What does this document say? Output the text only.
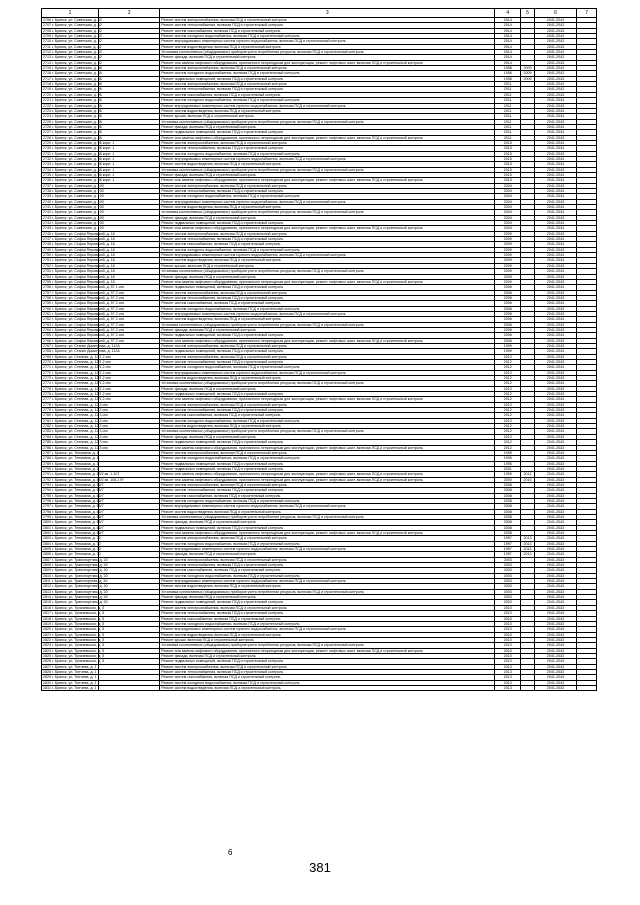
1	2	3	4	5	6	7
2706 г. Брянск, ул. Советская, д. 82		Ремонт систем электроснабжения, включая ПСД и строительный контроль	2014		2041-2043	
2707 г. Брянск, ул. Советская, д. 82		Ремонт систем теплоснабжения, включая ПСД и строительный контроль	2014		2041-2043	
2708 г. Брянск, ул. Советская, д. 82		Ремонт систем газоснабжения, включая ПСД и строительный контроль	2014		2041-2043	
2709 г. Брянск, ул. Советская, д. 82		Ремонт систем холодного водоснабжения, включая ПСД и строительный контроль	2014		2041-2043	
2710 г. Брянск, ул. Советская, д. 82		Ремонт внутридомовых инженерных систем горячего водоснабжения, включая ПСД и строительный контроль	2014		2041-2043	
2711 г. Брянск, ул. Советская, д. 82		Ремонт систем водоотведения, включая ПСД и строительный контроль	2014		2041-2043	
2712 г. Брянск, ул. Советская, д. 82		Установка коллективных (общедомовых) приборов учета потребления ресурсов, включая ПСД и строительный контроль	2014		2041-2043	
2713 г. Брянск, ул. Советская, д. 82		Ремонт фасада, включая ПСД и строительный контроль	2014		2041-2043	
2714 г. Брянск, ул. Советская, д. 82		Ремонт или замена лифтового оборудования, признанного непригодным для эксплуатации, ремонт лифтовых шахт, включая ПСД и строительный контроль	2014		2041-2043	
2715 г. Брянск, ул. Советская, д. 86		Ремонт систем электроснабжения, включая ПСД и строительный контроль	1958	2009	2041-2043	
2716 г. Брянск, ул. Советская, д. 86		Ремонт систем холодного водоснабжения, включая ПСД и строительный контроль	1958	2009	2041-2043	
2717 г. Брянск, ул. Советская, д. 86		Ремонт подвальных помещений, включая ПСД и строительный контроль	1958	2009	2041-2043	
2718 г. Брянск, ул. Советская, д. 96		Ремонт систем электроснабжения, включая ПСД и строительный контроль	2011		2041-2043	
2719 г. Брянск, ул. Советская, д. 96		Ремонт систем теплоснабжения, включая ПСД и строительный контроль	2011		2041-2043	
2720 г. Брянск, ул. Советская, д. 96		Ремонт систем газоснабжения, включая ПСД и строительный контроль	2011		2041-2043	
2721 г. Брянск, ул. Советская, д. 96		Ремонт систем холодного водоснабжения, включая ПСД и строительный контроль	2011		2041-2043	
2722 г. Брянск, ул. Советская, д. 96		Ремонт внутридомовых инженерных систем горячего водоснабжения, включая ПСД и строительный контроль	2011		2041-2043	
2723 г. Брянск, ул. Советская, д. 96		Ремонт систем водоотведения, включая ПСД и строительный контроль	2011		2041-2043	
2724 г. Брянск, ул. Советская, д. 96		Ремонт крыши, включая ПСД и строительный контроль	2011		2041-2043	
2725 г. Брянск, ул. Советская, д. 96		Установка коллективных (общедомовых) приборов учета потребления ресурсов, включая ПСД и строительный контроль	2011		2041-2043	
2726 г. Брянск, ул. Советская, д. 96		Ремонт фасада, включая ПСД и строительный контроль	2011		2041-2043	
2727 г. Брянск, ул. Советская, д. 96		Ремонт подвальных помещений, включая ПСД и строительный контроль	2011		2041-2043	
2728 г. Брянск, ул. Советская, д. 96		Ремонт или замена лифтового оборудования, признанного непригодным для эксплуатации, ремонт лифтовых шахт, включая ПСД и строительный контроль	2011		2041-2043	
2729 г. Брянск, ул. Советская, д. 96 корп. 1		Ремонт систем электроснабжения, включая ПСД и строительный контроль	2015		2041-2043	
2730 г. Брянск, ул. Советская, д. 96 корп. 1		Ремонт систем теплоснабжения, включая ПСД и строительный контроль	2015		2041-2043	
2731 г. Брянск, ул. Советская, д. 96 корп. 1		Ремонт систем холодного водоснабжения, включая ПСД и строительный контроль	2015		2041-2043	
2732 г. Брянск, ул. Советская, д. 96 корп. 1		Ремонт внутридомовых инженерных систем горячего водоснабжения, включая ПСД и строительный контроль	2015		2041-2043	
2733 г. Брянск, ул. Советская, д. 96 корп. 1		Ремонт систем водоотведения, включая ПСД и строительный контроль	2015		2041-2043	
2734 г. Брянск, ул. Советская, д. 96 корп. 1		Установка коллективных (общедомовых) приборов учета потребления ресурсов, включая ПСД и строительный контроль	2015		2041-2043	
2735 г. Брянск, ул. Советская, д. 96 корп. 1		Ремонт фасада, включая ПСД и строительный контроль	2015		2041-2043	
2736 г. Брянск, ул. Советская, д. 96 корп. 1		Ремонт или замена лифтового оборудования, признанного непригодным для эксплуатации, ремонт лифтовых шахт, включая ПСД и строительный контроль	2015		2041-2043	
2737 г. Брянск, ул. Советская, д. 100		Ремонт систем электроснабжения, включая ПСД и строительный контроль	2004		2041-2043	
2738 г. Брянск, ул. Советская, д. 100		Ремонт систем теплоснабжения, включая ПСД и строительный контроль	2004		2041-2043	
2739 г. Брянск, ул. Советская, д. 100		Ремонт систем холодного водоснабжения, включая ПСД и строительный контроль	2004		2041-2043	
2740 г. Брянск, ул. Советская, д. 100		Ремонт внутридомовых инженерных систем горячего водоснабжения, включая ПСД и строительный контроль	2004		2041-2043	
2741 г. Брянск, ул. Советская, д. 100		Ремонт систем водоотведения, включая ПСД и строительный контроль	2004		2041-2043	
2742 г. Брянск, ул. Советская, д. 100		Установка коллективных (общедомовых) приборов учета потребления ресурсов, включая ПСД и строительный контроль	2004		2041-2043	
2743 г. Брянск, ул. Советская, д. 100		Ремонт фасада, включая ПСД и строительный контроль	2004		2041-2043	
2744 г. Брянск, ул. Советская, д. 100		Ремонт подвальных помещений, включая ПСД и строительный контроль	2004		2041-2043	
2745 г. Брянск, ул. Советская, д. 100		Ремонт или замена лифтового оборудования, признанного непригодным для эксплуатации, ремонт лифтовых шахт, включая ПСД и строительный контроль	2004		2041-2043	
2746 г. Брянск, ул. Софьи Перовской, д. 18		Ремонт систем электроснабжения, включая ПСД и строительный контроль	2009		2041-2043	
2747 г. Брянск, ул. Софьи Перовской, д. 18		Ремонт систем теплоснабжения, включая ПСД и строительный контроль	2009		2041-2043	
2748 г. Брянск, ул. Софьи Перовской, д. 18		Ремонт систем газоснабжения, включая ПСД и строительный контроль	2009		2041-2043	
2749 г. Брянск, ул. Софьи Перовской, д. 18		Ремонт систем холодного водоснабжения, включая ПСД и строительный контроль	2009		2041-2043	
2750 г. Брянск, ул. Софьи Перовской, д. 18		Ремонт внутридомовых инженерных систем горячего водоснабжения, включая ПСД и строительный контроль	2009		2041-2043	
2751 г. Брянск, ул. Софьи Перовской, д. 18		Ремонт систем водоотведения, включая ПСД и строительный контроль	2009		2041-2043	
2752 г. Брянск, ул. Софьи Перовской, д. 18		Ремонт крыши, включая ПСД и строительный контроль	2009		2041-2043	
2753 г. Брянск, ул. Софьи Перовской, д. 18		Установка коллективных (общедомовых) приборов учета потребления ресурсов, включая ПСД и строительный контроль	2009		2041-2043	
2754 г. Брянск, ул. Софьи Перовской, д. 18		Ремонт фасада, включая ПСД и строительный контроль	2009		2041-2043	
2755 г. Брянск, ул. Софьи Перовской, д. 18		Ремонт или замена лифтового оборудования, признанного непригодным для эксплуатации, ремонт лифтовых шахт, включая ПСД и строительный контроль	2009		2041-2043	
2756 г. Брянск, ул. Софьи Перовской, д. 57 1 сек		Ремонт подвальных помещений, включая ПСД и строительный контроль	2006		2041-2043	
2757 г. Брянск, ул. Софьи Перовской, д. 57 2 сек		Ремонт систем электроснабжения, включая ПСД и строительный контроль	2006		2041-2043	
2758 г. Брянск, ул. Софьи Перовской, д. 57 2 сек		Ремонт систем теплоснабжения, включая ПСД и строительный контроль	2006		2041-2043	
2759 г. Брянск, ул. Софьи Перовской, д. 57 2 сек		Ремонт систем газоснабжения, включая ПСД и строительный контроль	2006		2041-2043	
2760 г. Брянск, ул. Софьи Перовской, д. 57 2 сек		Ремонт систем холодного водоснабжения, включая ПСД и строительный контроль	2006		2041-2043	
2761 г. Брянск, ул. Софьи Перовской, д. 57 2 сек		Ремонт внутридомовых инженерных систем горячего водоснабжения, включая ПСД и строительный контроль	2006		2041-2043	
2762 г. Брянск, ул. Софьи Перовской, д. 57 2 сек		Ремонт систем водоотведения, включая ПСД и строительный контроль	2006		2041-2043	
2763 г. Брянск, ул. Софьи Перовской, д. 57 2 сек		Установка коллективных (общедомовых) приборов учета потребления ресурсов, включая ПСД и строительный контроль	2006		2041-2043	
2764 г. Брянск, ул. Софьи Перовской, д. 57 2 сек		Ремонт фасада, включая ПСД и строительный контроль	2006		2041-2043	
2765 г. Брянск, ул. Софьи Перовской, д. 57 2 сек		Ремонт подвальных помещений, включая ПСД и строительный контроль	2006		2041-2043	
2766 г. Брянск, ул. Софьи Перовской, д. 57 2 сек		Ремонт или замена лифтового оборудования, признанного непригодным для эксплуатации, ремонт лифтовых шахт, включая ПСД и строительный контроль	2006		2041-2043	
2767 г. Брянск, ул. Станке Димитрова, д. 112А		Ремонт систем электроснабжения, включая ПСД и строительный контроль	1999		2041-2043	
2768 г. Брянск, ул. Станке Димитрова, д. 112А		Ремонт подвальных помещений, включая ПСД и строительный контроль	1999		2041-2043	
2769 г. Брянск, ул. Степная, д. 12/1 2 сек		Ремонт систем электроснабжения, включая ПСД и строительный контроль	2012		2041-2043	
2770 г. Брянск, ул. Степная, д. 12/1 2 сек		Ремонт систем теплоснабжения, включая ПСД и строительный контроль	2012		2041-2043	
2771 г. Брянск, ул. Степная, д. 12/1 2 сек		Ремонт систем холодного водоснабжения, включая ПСД и строительный контроль	2012		2041-2043	
2772 г. Брянск, ул. Степная, д. 12/1 2 сек		Ремонт внутридомовых инженерных систем горячего водоснабжения, включая ПСД и строительный контроль	2012		2041-2043	
2773 г. Брянск, ул. Степная, д. 12/1 2 сек		Ремонт систем водоотведения, включая ПСД и строительный контроль	2012		2041-2043	
2774 г. Брянск, ул. Степная, д. 12/1 2 сек		Установка коллективных (общедомовых) приборов учета потребления ресурсов, включая ПСД и строительный контроль	2012		2041-2043	
2775 г. Брянск, ул. Степная, д. 12/1 2 сек		Ремонт фасада, включая ПСД и строительный контроль	2012		2041-2043	
2776 г. Брянск, ул. Степная, д. 12/1 2 сек		Ремонт подвальных помещений, включая ПСД и строительный контроль	2012		2041-2043	
2777 г. Брянск, ул. Степная, д. 12/1 2 сек		Ремонт или замена лифтового оборудования, признанного непригодным для эксплуатации, ремонт лифтовых шахт, включая ПСД и строительный контроль	2012		2041-2043	
2778 г. Брянск, ул. Степная, д. 12 3 сек		Ремонт систем электроснабжения, включая ПСД и строительный контроль	2012		2041-2043	
2779 г. Брянск, ул. Степная, д. 12 3 сек		Ремонт систем теплоснабжения, включая ПСД и строительный контроль	2012		2041-2043	
2780 г. Брянск, ул. Степная, д. 12 3 сек		Ремонт систем газоснабжения, включая ПСД и строительный контроль	2012		2041-2043	
2781 г. Брянск, ул. Степная, д. 12 3 сек		Ремонт систем холодного водоснабжения, включая ПСД и строительный контроль	2012		2041-2043	
2782 г. Брянск, ул. Степная, д. 12 3 сек		Ремонт систем водоотведения, включая ПСД и строительный контроль	2012		2041-2043	
2783 г. Брянск, ул. Степная, д. 12 3 сек		Установка коллективных (общедомовых) приборов учета потребления ресурсов, включая ПСД и строительный контроль	2012		2041-2043	
2784 г. Брянск, ул. Степная, д. 12 3 сек		Ремонт фасада, включая ПСД и строительный контроль	2012		2041-2043	
2785 г. Брянск, ул. Степная, д. 12 3 сек		Ремонт подвальных помещений, включая ПСД и строительный контроль	2012		2041-2043	
2786 г. Брянск, ул. Степная, д. 12 3 сек		Ремонт или замена лифтового оборудования, признанного непригодным для эксплуатации, ремонт лифтовых шахт, включая ПСД и строительный контроль	2012		2041-2043	
2787 г. Брянск, ул. Тельмана, д. 1		Ремонт систем электроснабжения, включая ПСД и строительный контроль	1995		2041-2043	
2788 г. Брянск, ул. Тельмана, д. 1		Ремонт систем холодного водоснабжения, включая ПСД и строительный контроль	1995		2041-2043	
2789 г. Брянск, ул. Тельмана, д. 1		Ремонт подвальных помещений, включая ПСД и строительный контроль	1995		2041-2043	
2790 г. Брянск, ул. Тельмана, д. 1		Ремонт подвальных помещений, включая ПСД и строительный контроль	2001		2041-2043	
2791 г. Брянск, ул. Тельмана, д. 89/2 кв. 1-107		Ремонт или замена лифтового оборудования, признанного непригодным для эксплуатации, ремонт лифтовых шахт, включая ПСД и строительный контроль	1995	2012	2041-2043	
2792 г. Брянск, ул. Тельмана, д. 89/2 кв. 108-179		Ремонт или замена лифтового оборудования, признанного непригодным для эксплуатации, ремонт лифтовых шахт, включая ПСД и строительный контроль	2000	2015	2041-2043	
2793 г. Брянск, ул. Тельмана, д. 66/7		Ремонт систем электроснабжения, включая ПСД и строительный контроль	2008		2041-2043	
2794 г. Брянск, ул. Тельмана, д. 66/7		Ремонт систем теплоснабжения, включая ПСД и строительный контроль	2008		2041-2043	
2795 г. Брянск, ул. Тельмана, д. 66/7		Ремонт систем газоснабжения, включая ПСД и строительный контроль	2008		2041-2043	
2796 г. Брянск, ул. Тельмана, д. 66/7		Ремонт систем холодного водоснабжения, включая ПСД и строительный контроль	2008		2041-2043	
2797 г. Брянск, ул. Тельмана, д. 66/7		Ремонт внутридомовых инженерных систем горячего водоснабжения, включая ПСД и строительный контроль	2008		2041-2043	
2798 г. Брянск, ул. Тельмана, д. 66/7		Ремонт систем водоотведения, включая ПСД и строительный контроль	2008		2041-2043	
2799 г. Брянск, ул. Тельмана, д. 66/7		Установка коллективных (общедомовых) приборов учета потребления ресурсов, включая ПСД и строительный контроль	2008		2041-2043	
2800 г. Брянск, ул. Тельмана, д. 66/7		Ремонт фасада, включая ПСД и строительный контроль	2008		2041-2043	
2801 г. Брянск, ул. Тельмана, д. 66/7		Ремонт подвальных помещений, включая ПСД и строительный контроль	2008		2041-2043	
2802 г. Брянск, ул. Тельмана, д. 66/7		Ремонт или замена лифтового оборудования, признанного непригодным для эксплуатации, ремонт лифтовых шахт, включая ПСД и строительный контроль	2008		2041-2043	
2803 г. Брянск, ул. Тельмана, д. 70		Ремонт систем электроснабжения, включая ПСД и строительный контроль	1997	2013	2041-2043	
2804 г. Брянск, ул. Тельмана, д. 70		Ремонт систем холодного водоснабжения, включая ПСД и строительный контроль	1997	2013	2041-2043	
2805 г. Брянск, ул. Тельмана, д. 70		Ремонт внутридомовых инженерных систем горячего водоснабжения, включая ПСД и строительный контроль	1997	2013	2041-2043	
2806 г. Брянск, ул. Тельмана, д. 70		Ремонт фасада, включая ПСД и строительный контроль	1997	2013	2041-2043	
2807 г. Брянск, ул. Транспортная, д. 20		Ремонт систем электроснабжения, включая ПСД и строительный контроль	2003		2041-2043	
2808 г. Брянск, ул. Транспортная, д. 20		Ремонт систем теплоснабжения, включая ПСД и строительный контроль	2003		2041-2043	
2809 г. Брянск, ул. Транспортная, д. 20		Ремонт систем газоснабжения, включая ПСД и строительный контроль	2003		2041-2043	
2810 г. Брянск, ул. Транспортная, д. 20		Ремонт систем холодного водоснабжения, включая ПСД и строительный контроль	2003		2041-2043	
2811 г. Брянск, ул. Транспортная, д. 20		Ремонт внутридомовых инженерных систем горячего водоснабжения, включая ПСД и строительный контроль	2003		2041-2043	
2812 г. Брянск, ул. Транспортная, д. 20		Ремонт систем водоотведения, включая ПСД и строительный контроль	2003		2041-2043	
2813 г. Брянск, ул. Транспортная, д. 20		Установка коллективных (общедомовых) приборов учета потребления ресурсов, включая ПСД и строительный контроль	2003		2041-2043	
2814 г. Брянск, ул. Транспортная, д. 20		Ремонт фасада, включая ПСД и строительный контроль	2003		2041-2043	
2815 г. Брянск, ул. Транспортная, д. 20		Ремонт подвальных помещений, включая ПСД и строительный контроль	2003		2041-2043	
2816 г. Брянск, ул. Тухачевского, д. 5		Ремонт систем электроснабжения, включая ПСД и строительный контроль	2010		2041-2043	
2817 г. Брянск, ул. Тухачевского, д. 5		Ремонт систем теплоснабжения, включая ПСД и строительный контроль	2010		2041-2043	
2818 г. Брянск, ул. Тухачевского, д. 5		Ремонт систем газоснабжения, включая ПСД и строительный контроль	2010		2041-2043	
2819 г. Брянск, ул. Тухачевского, д. 5		Ремонт систем холодного водоснабжения, включая ПСД и строительный контроль	2010		2041-2043	
2820 г. Брянск, ул. Тухачевского, д. 5		Ремонт внутридомовых инженерных систем горячего водоснабжения, включая ПСД и строительный контроль	2010		2041-2043	
2821 г. Брянск, ул. Тухачевского, д. 5		Ремонт систем водоотведения, включая ПСД и строительный контроль	2010		2041-2043	
2822 г. Брянск, ул. Тухачевского, д. 5		Ремонт крыши, включая ПСД и строительный контроль	2010		2041-2043	
2823 г. Брянск, ул. Тухачевского, д. 5		Установка коллективных (общедомовых) приборов учета потребления ресурсов, включая ПСД и строительный контроль	2010		2041-2043	
2824 г. Брянск, ул. Тухачевского, д. 5		Ремонт или замена лифтового оборудования, признанного непригодным для эксплуатации, ремонт лифтовых шахт, включая ПСД и строительный контроль	2010		2041-2043	
2825 г. Брянск, ул. Тухачевского, д. 5		Ремонт фасада, включая ПСД и строительный контроль	2010		2041-2043	
2826 г. Брянск, ул. Тухачевского, д. 5		Ремонт подвальных помещений, включая ПСД и строительный контроль	2010		2041-2043	
2827 г. Брянск, ул. Тютчева, д. 1		Ремонт систем электроснабжения, включая ПСД и строительный контроль	2013		2041-2043	
2828 г. Брянск, ул. Тютчева, д. 1		Ремонт систем теплоснабжения, включая ПСД и строительный контроль	2013		2041-2043	
2829 г. Брянск, ул. Тютчева, д. 1		Ремонт систем газоснабжения, включая ПСД и строительный контроль	2013		2041-2043	
2830 г. Брянск, ул. Тютчева, д. 1		Ремонт систем холодного водоснабжения, включая ПСД и строительный контроль	2013		2041-2043	
2831 г. Брянск, ул. Тютчева, д. 1		Ремонт систем водоотведения, включая ПСД и строительный контроль	2013		2041-2043	
6
381
